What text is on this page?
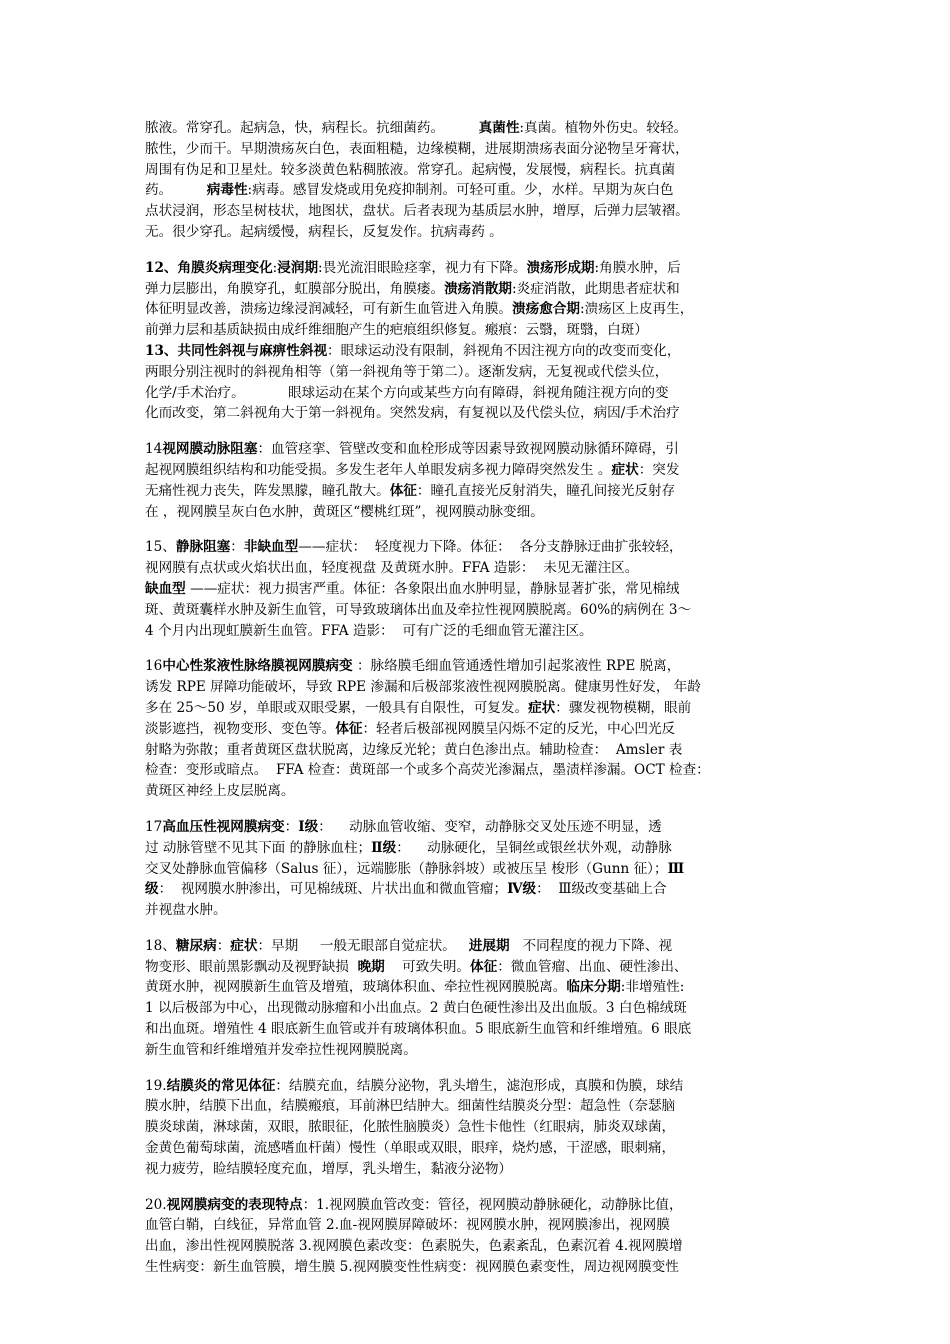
脓液。常穿孔。起病急，快，病程长。抗细菌药。        真菌性:真菌。植物外伤史。较轻。
脓性，少而干。早期溃疡灰白色，表面粗糙，边缘模糊，进展期溃疡表面分泌物呈牙膏状，
周围有伪足和卫星灶。较多淡黄色粘稠脓液。常穿孔。起病慢，发展慢，病程长。抗真菌
药。        病毒性:病毒。感冒发烧或用免疫抑制剂。可轻可重。少，水样。早期为灰白色
点状浸润，形态呈树枝状，地图状，盘状。后者表现为基质层水肿，增厚，后弹力层皱褶。
无。很少穿孔。起病缓慢，病程长，反复发作。抗病毒药 。
12、角膜炎病理变化:浸润期:畏光流泪眼睑痉挛，视力有下降。溃疡形成期:角膜水肿，后
弹力层膨出，角膜穿孔，虹膜部分脱出，角膜瘘。溃疡消散期:炎症消散，此期患者症状和
体征明显改善，溃疡边缘浸润减轻，可有新生血管进入角膜。溃疡愈合期:溃疡区上皮再生，
前弹力层和基质缺损由成纤维细胞产生的疤痕组织修复。瘢痕：云翳，斑翳，白斑）
13、共同性斜视与麻痹性斜视：眼球运动没有限制，斜视角不因注视方向的改变而变化，
两眼分别注视时的斜视角相等（第一斜视角等于第二）。逐渐发病，无复视或代偿头位，
化学/手术治疗。          眼球运动在某个方向或某些方向有障碍，斜视角随注视方向的变
化而改变，第二斜视角大于第一斜视角。突然发病，有复视以及代偿头位，病因/手术治疗
14视网膜动脉阻塞：血管痉挛、管壁改变和血栓形成等因素导致视网膜动脉循环障碍，引
起视网膜组织结构和功能受损。多发生老年人单眼发病多视力障碍突然发生 。症状：突发
无痛性视力丧失，阵发黑朦，瞳孔散大。体征：瞳孔直接光反射消失，瞳孔间接光反射存
在 ，视网膜呈灰白色水肿，黄斑区“樱桃红斑”，视网膜动脉变细。
15、静脉阻塞：非缺血型——症状：  轻度视力下降。体征：  各分支静脉迂曲扩张较轻，
视网膜有点状或火焰状出血，轻度视盘 及黄斑水肿。FFA 造影：  未见无灌注区。
缺血型 ——症状：视力损害严重。体征：各象限出血水肿明显，静脉显著扩张，常见棉绒
斑、黄斑囊样水肿及新生血管，可导致玻璃体出血及牵拉性视网膜脱离。60%的病例在 3～
4 个月内出现虹膜新生血管。FFA 造影：  可有广泛的毛细血管无灌注区。
16中心性浆液性脉络膜视网膜病变 ：脉络膜毛细血管通透性增加引起浆液性 RPE 脱离，
诱发 RPE 屏障功能破坏，导致 RPE 渗漏和后极部浆液性视网膜脱离。健康男性好发， 年龄
多在 25～50 岁，单眼或双眼受累，一般具有自限性，可复发。症状：骤发视物模糊，眼前
淡影遮挡，视物变形、变色等。体征：轻者后极部视网膜呈闪烁不定的反光，中心凹光反
射略为弥散；重者黄斑区盘状脱离，边缘反光轮；黄白色渗出点。辅助检查：  Amsler 表
检查：变形或暗点。  FFA 检查：黄斑部一个或多个高荧光渗漏点，墨渍样渗漏。OCT 检查：
黄斑区神经上皮层脱离。
17高血压性视网膜病变：Ⅰ级：    动脉血管收缩、变窄，动静脉交叉处压迹不明显，透
过 动脉管壁不见其下面 的静脉血柱；Ⅱ级：    动脉硬化，呈铜丝或银丝状外观，动静脉
交叉处静脉血管偏移（Salus 征），远端膨胀（静脉斜坡）或被压呈 梭形（Gunn 征）；Ⅲ
级：  视网膜水肿渗出，可见棉绒斑、片状出血和微血管瘤；Ⅳ级：  Ⅲ级改变基础上合
并视盘水肿。
18、糖尿病：症状：早期     一般无眼部自觉症状。   进展期   不同程度的视力下降、视
物变形、眼前黑影飘动及视野缺损  晚期    可致失明。体征：微血管瘤、出血、硬性渗出、
黄斑水肿，视网膜新生血管及增殖，玻璃体积血、牵拉性视网膜脱离。临床分期:非增殖性:
1 以后极部为中心，出现微动脉瘤和小出血点。2 黄白色硬性渗出及出血版。3 白色棉绒斑
和出血斑。增殖性 4 眼底新生血管或并有玻璃体积血。5 眼底新生血管和纤维增殖。6 眼底
新生血管和纤维增殖并发牵拉性视网膜脱离。
19.结膜炎的常见体征：结膜充血，结膜分泌物，乳头增生，滤泡形成，真膜和伪膜，球结
膜水肿，结膜下出血，结膜瘢痕，耳前淋巴结肿大。细菌性结膜炎分型：超急性（奈瑟脑
膜炎球菌，淋球菌，双眼，脓眼征，化脓性脑膜炎）急性卡他性（红眼病，肺炎双球菌，
金黄色葡萄球菌，流感嗜血杆菌）慢性（单眼或双眼，眼痒，烧灼感，干涩感，眼刺痛，
视力疲劳，睑结膜轻度充血，增厚，乳头增生，黏液分泌物）
20.视网膜病变的表现特点：1.视网膜血管改变：管径，视网膜动静脉硬化，动静脉比值，
血管白鞘，白线征，异常血管 2.血-视网膜屏障破坏：视网膜水肿，视网膜渗出，视网膜
出血，渗出性视网膜脱落 3.视网膜色素改变：色素脱失，色素紊乱，色素沉着 4.视网膜增
生性病变：新生血管膜，增生膜 5.视网膜变性性病变：视网膜色素变性，周边视网膜变性
